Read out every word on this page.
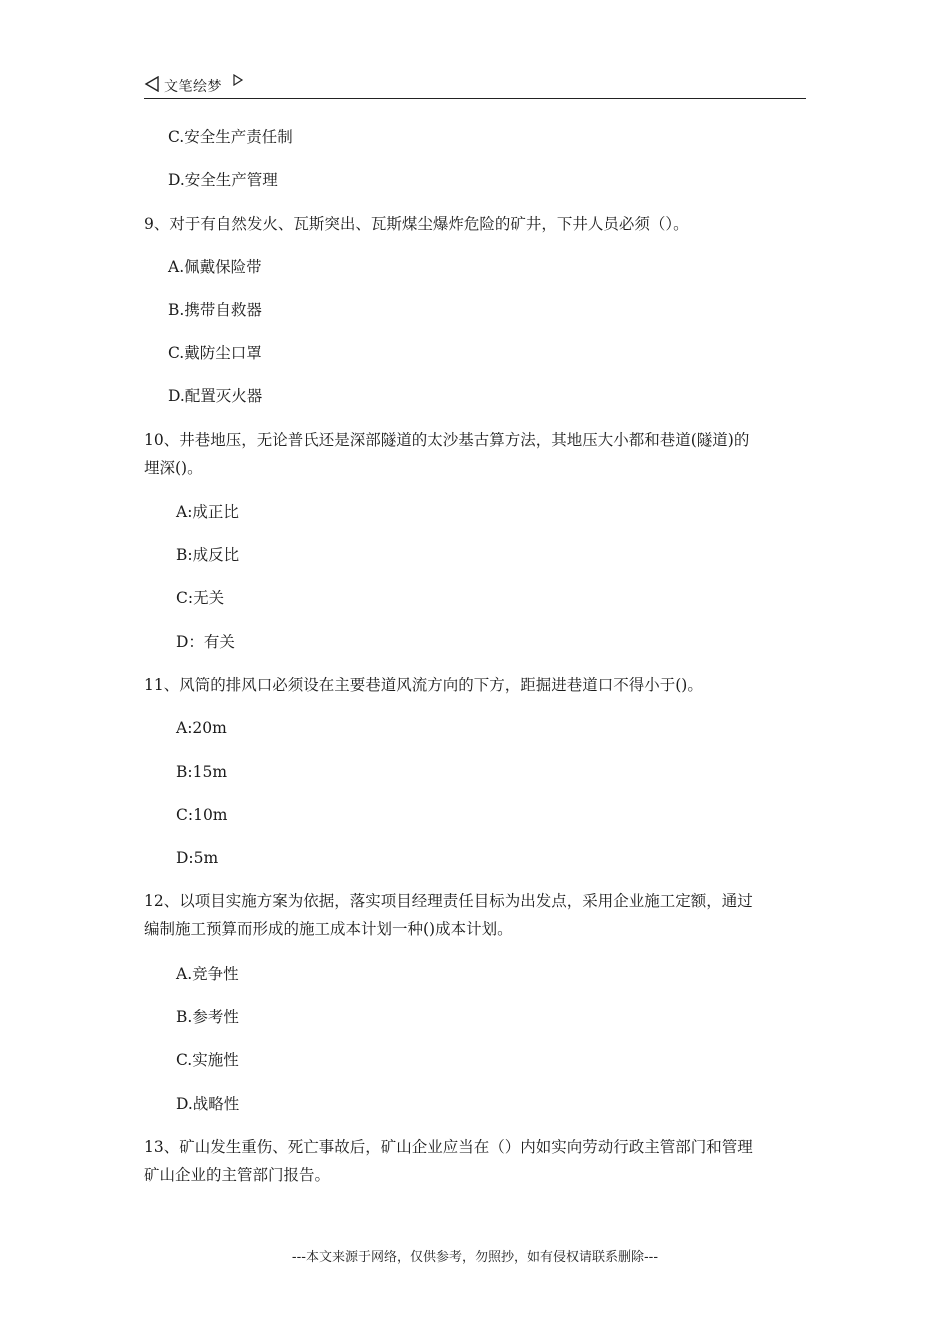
文笔绘梦
C.安全生产责任制
D.安全生产管理
9、对于有自然发火、瓦斯突出、瓦斯煤尘爆炸危险的矿井，下井人员必须（）。
A.佩戴保险带
B.携带自救器
C.戴防尘口罩
D.配置灭火器
10、井巷地压，无论普氏还是深部隧道的太沙基古算方法，其地压大小都和巷道(隧道)的
埋深()。
A:成正比
B:成反比
C:无关
D：有关
11、风筒的排风口必须设在主要巷道风流方向的下方，距掘进巷道口不得小于()。
A:20m
B:15m
C:10m
D:5m
12、以项目实施方案为依据，落实项目经理责任目标为出发点，采用企业施工定额，通过
编制施工预算而形成的施工成本计划一种()成本计划。
A.竞争性
B.参考性
C.实施性
D.战略性
13、矿山发生重伤、死亡事故后，矿山企业应当在（）内如实向劳动行政主管部门和管理
矿山企业的主管部门报告。
---本文来源于网络，仅供参考，勿照抄，如有侵权请联系删除---
